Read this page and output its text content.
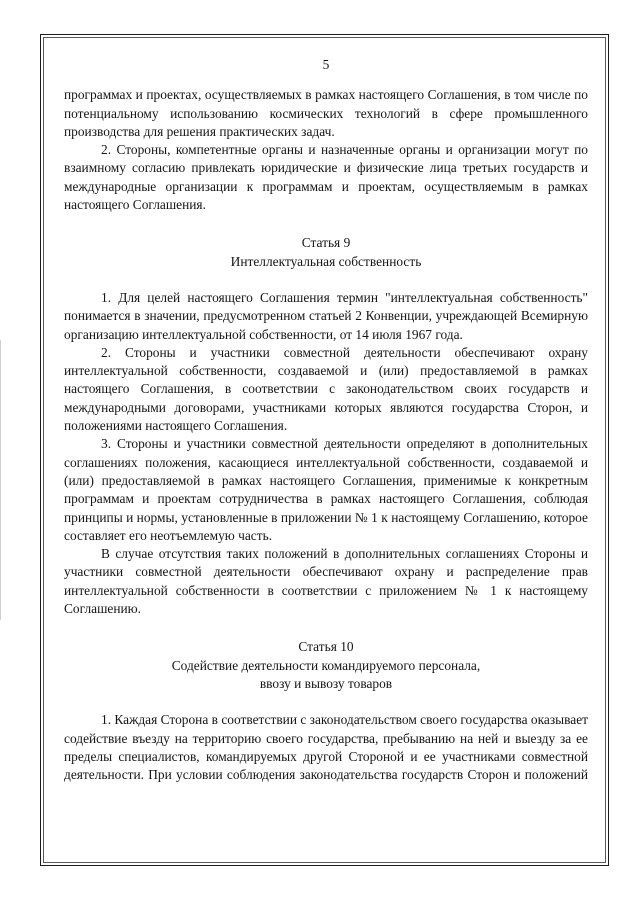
5

программах и проектах, осуществляемых в рамках настоящего Соглашения, в том числе по потенциальному использованию космических технологий в сфере промышленного производства для решения практических задач.

2. Стороны, компетентные органы и назначенные органы и организации могут по взаимному согласию привлекать юридические и физические лица третьих государств и международные организации к программам и проектам, осуществляемым в рамках настоящего Соглашения.

Статья 9

Интеллектуальная собственность

1. Для целей настоящего Соглашения термин "интеллектуальная собственность" понимается в значении, предусмотренном статьей 2 Конвенции, учреждающей Всемирную организацию интеллектуальной собственности, от 14 июля 1967 года.

2. Стороны и участники совместной деятельности обеспечивают охрану интеллектуальной собственности, создаваемой и (или) предоставляемой в рамках настоящего Соглашения, в соответствии с законодательством своих государств и международными договорами, участниками которых являются государства Сторон, и положениями настоящего Соглашения.

3. Стороны и участники совместной деятельности определяют в дополнительных соглашениях положения, касающиеся интеллектуальной собственности, создаваемой и (или) предоставляемой в рамках настоящего Соглашения, применимые к конкретным программам и проектам сотрудничества в рамках настоящего Соглашения, соблюдая принципы и нормы, установленные в приложении № 1 к настоящему Соглашению, которое составляет его неотъемлемую часть.

В случае отсутствия таких положений в дополнительных соглашениях Стороны и участники совместной деятельности обеспечивают охрану и распределение прав интеллектуальной собственности в соответствии с приложением № 1 к настоящему Соглашению.

Статья 10

Содействие деятельности командируемого персонала,

ввозу и вывозу товаров

1. Каждая Сторона в соответствии с законодательством своего государства оказывает содействие въезду на территорию своего государства, пребыванию на ней и выезду за ее пределы специалистов, командируемых другой Стороной и ее участниками совместной деятельности. При условии соблюдения законодательства государств Сторон и положений
